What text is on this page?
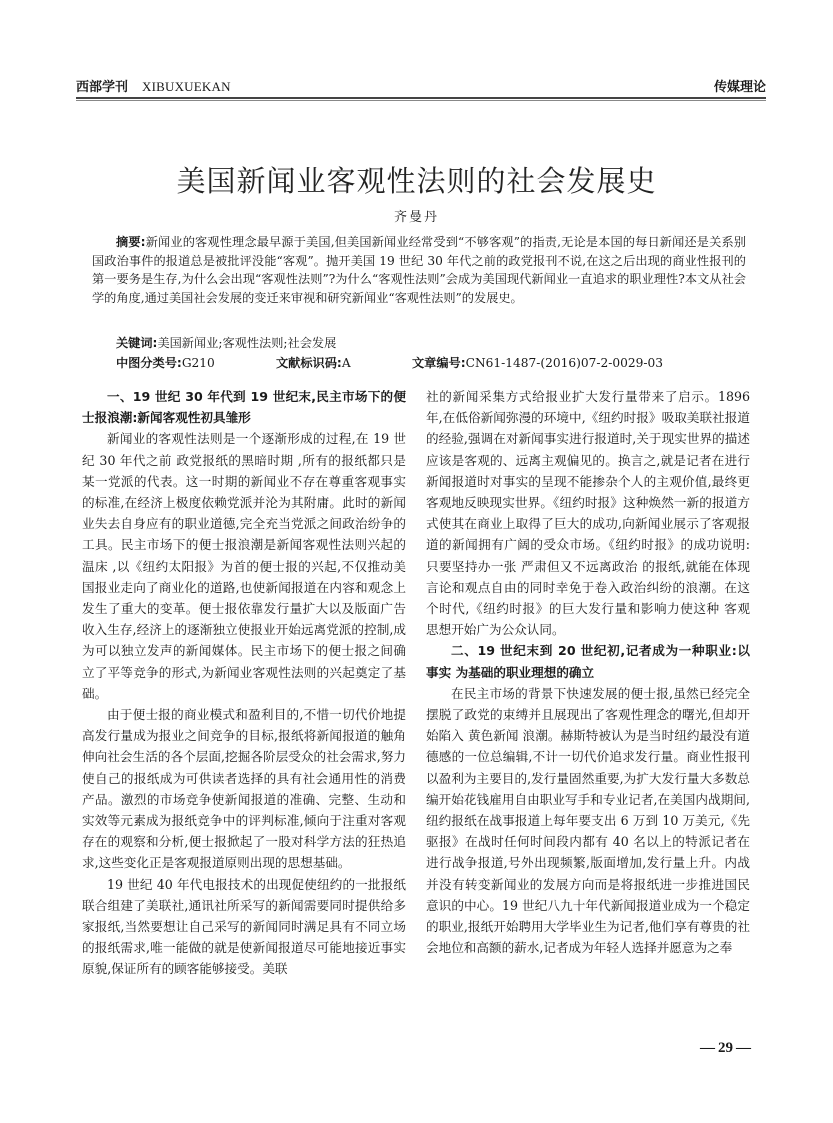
西部学刊 XIBUXUEKAN	传媒理论
美国新闻业客观性法则的社会发展史
齐曼丹

摘要:新闻业的客观性理念最早源于美国,但美国新闻业经常受到“不够客观”的指责,无论是本国的每日新闻还是关系别国政治事件的报道总是被批评没能“客观”。抛开美国 19 世纪 30 年代之前的政党报刊不说,在这之后出现的商业性报刊的第一要务是生存,为什么会出现“客观性法则”?为什么“客观性法则”会成为美国现代新闻业一直追求的职业理性?本文从社会学的角度,通过美国社会发展的变迁来审视和研究新闻业“客观性法则”的发展史。

关键词:美国新闻业;客观性法则;社会发展
中图分类号:G210	文献标识码:A	文章编号:CN61-1487-(2016)07-2-0029-03
一、19 世纪 30 年代到 19 世纪末,民主市场下的便士报浪潮:新闻客观性初具雏形

新闻业的客观性法则是一个逐渐形成的过程,在 19 世纪 30 年代之前 政党报纸的黑暗时期 ,所有的报纸都只是某一党派的代表。这一时期的新闻业不存在尊重客观事实的标准,在经济上极度依赖党派并沦为其附庸。此时的新闻业失去自身应有的职业道德,完全充当党派之间政治纷争的工具。民主市场下的便士报浪潮是新闻客观性法则兴起的 温床 ,以《纽约太阳报》为首的便士报的兴起,不仅推动美国报业走向了商业化的道路,也使新闻报道在内容和观念上发生了重大的变革。便士报依靠发行量扩大以及版面广告收入生存,经济上的逐渐独立使报业开始远离党派的控制,成为可以独立发声的新闻媒体。民主市场下的便士报之间确立了平等竞争的形式,为新闻业客观性法则的兴起奠定了基础。

由于便士报的商业模式和盈利目的,不惜一切代价地提高发行量成为报业之间竞争的目标,报纸将新闻报道的触角伸向社会生活的各个层面,挖掘各阶层受众的社会需求,努力使自己的报纸成为可供读者选择的具有社会通用性的消费产品。激烈的市场竞争使新闻报道的准确、完整、生动和实效等元素成为报纸竞争中的评判标准,倾向于注重对客观存在的观察和分析,便士报掀起了一股对科学方法的狂热追求,这些变化正是客观报道原则出现的思想基础。

19 世纪 40 年代电报技术的出现促使纽约的一批报纸联合组建了美联社,通讯社所采写的新闻需要同时提供给多家报纸,当然要想让自己采写的新闻同时满足具有不同立场的报纸需求,唯一能做的就是使新闻报道尽可能地接近事实原貌,保证所有的顾客能够接受。美联

社的新闻采集方式给报业扩大发行量带来了启示。1896 年,在低俗新闻弥漫的环境中,《纽约时报》吸取美联社报道的经验,强调在对新闻事实进行报道时,关于现实世界的描述应该是客观的、远离主观偏见的。换言之,就是记者在进行新闻报道时对事实的呈现不能掺杂个人的主观价值,最终更客观地反映现实世界。《纽约时报》这种焕然一新的报道方式使其在商业上取得了巨大的成功,向新闻业展示了客观报道的新闻拥有广阔的受众市场。《纽约时报》的成功说明:只要坚持办一张 严肃但又不远离政治 的报纸,就能在体现言论和观点自由的同时幸免于卷入政治纠纷的浪潮。在这个时代,《纽约时报》的巨大发行量和影响力使这种 客观 思想开始广为公众认同。

二、19 世纪末到 20 世纪初,记者成为一种职业:以 事实 为基础的职业理想的确立

在民主市场的背景下快速发展的便士报,虽然已经完全摆脱了政党的束缚并且展现出了客观性理念的曙光,但却开始陷入 黄色新闻 浪潮。赫斯特被认为是当时纽约最没有道德感的一位总编辑,不计一切代价追求发行量。商业性报刊以盈利为主要目的,发行量固然重要,为扩大发行量大多数总编开始花钱雇用自由职业写手和专业记者,在美国内战期间,纽约报纸在战事报道上每年要支出 6 万到 10 万美元,《先驱报》在战时任何时间段内都有 40 名以上的特派记者在进行战争报道,号外出现频繁,版面增加,发行量上升。内战并没有转变新闻业的发展方向而是将报纸进一步推进国民意识的中心。19 世纪八九十年代新闻报道业成为一个稳定的职业,报纸开始聘用大学毕业生为记者,他们享有尊贵的社会地位和高额的薪水,记者成为年轻人选择并愿意为之奉

— 29 —
